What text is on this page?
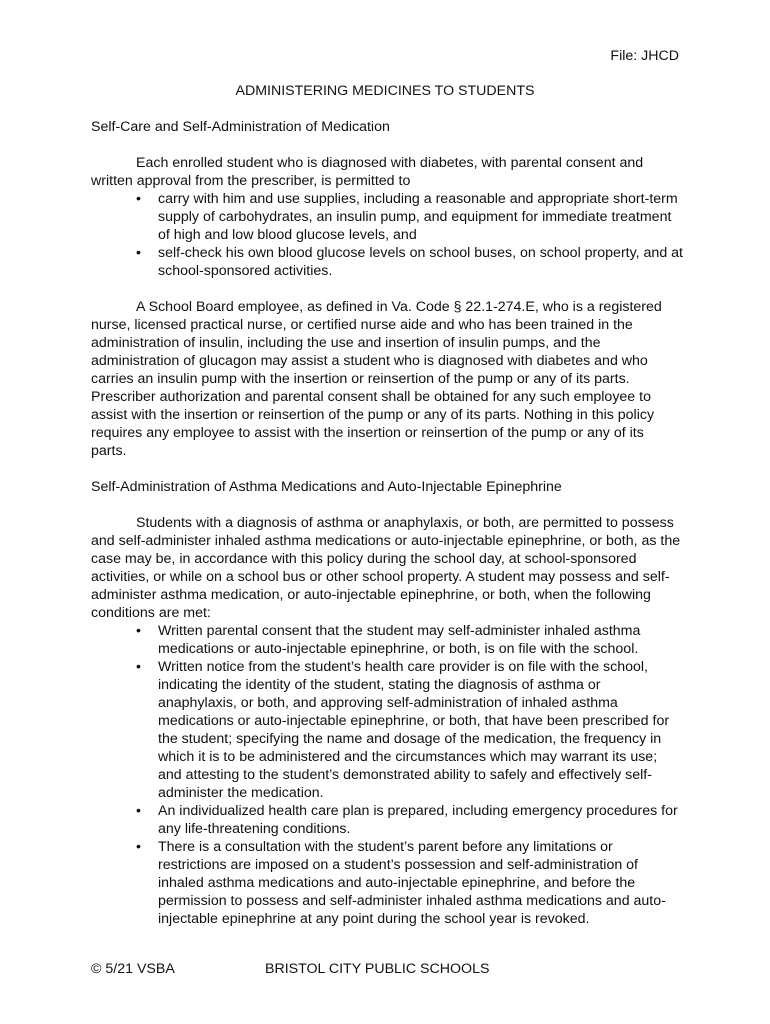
File: JHCD
ADMINISTERING MEDICINES TO STUDENTS
Self-Care and Self-Administration of Medication

Each enrolled student who is diagnosed with diabetes, with parental consent and written approval from the prescriber, is permitted to

• carry with him and use supplies, including a reasonable and appropriate short-term supply of carbohydrates, an insulin pump, and equipment for immediate treatment of high and low blood glucose levels, and
• self-check his own blood glucose levels on school buses, on school property, and at school-sponsored activities.

A School Board employee, as defined in Va. Code § 22.1-274.E, who is a registered nurse, licensed practical nurse, or certified nurse aide and who has been trained in the administration of insulin, including the use and insertion of insulin pumps, and the administration of glucagon may assist a student who is diagnosed with diabetes and who carries an insulin pump with the insertion or reinsertion of the pump or any of its parts. Prescriber authorization and parental consent shall be obtained for any such employee to assist with the insertion or reinsertion of the pump or any of its parts. Nothing in this policy requires any employee to assist with the insertion or reinsertion of the pump or any of its parts.

Self-Administration of Asthma Medications and Auto-Injectable Epinephrine

Students with a diagnosis of asthma or anaphylaxis, or both, are permitted to possess and self-administer inhaled asthma medications or auto-injectable epinephrine, or both, as the case may be, in accordance with this policy during the school day, at school-sponsored activities, or while on a school bus or other school property. A student may possess and self-administer asthma medication, or auto-injectable epinephrine, or both, when the following conditions are met:

• Written parental consent that the student may self-administer inhaled asthma medications or auto-injectable epinephrine, or both, is on file with the school.
• Written notice from the student’s health care provider is on file with the school, indicating the identity of the student, stating the diagnosis of asthma or anaphylaxis, or both, and approving self-administration of inhaled asthma medications or auto-injectable epinephrine, or both, that have been prescribed for the student; specifying the name and dosage of the medication, the frequency in which it is to be administered and the circumstances which may warrant its use; and attesting to the student’s demonstrated ability to safely and effectively self-administer the medication.
• An individualized health care plan is prepared, including emergency procedures for any life-threatening conditions.
• There is a consultation with the student’s parent before any limitations or restrictions are imposed on a student’s possession and self-administration of inhaled asthma medications and auto-injectable epinephrine, and before the permission to possess and self-administer inhaled asthma medications and auto-injectable epinephrine at any point during the school year is revoked.
© 5/21 VSBA	BRISTOL CITY PUBLIC SCHOOLS
